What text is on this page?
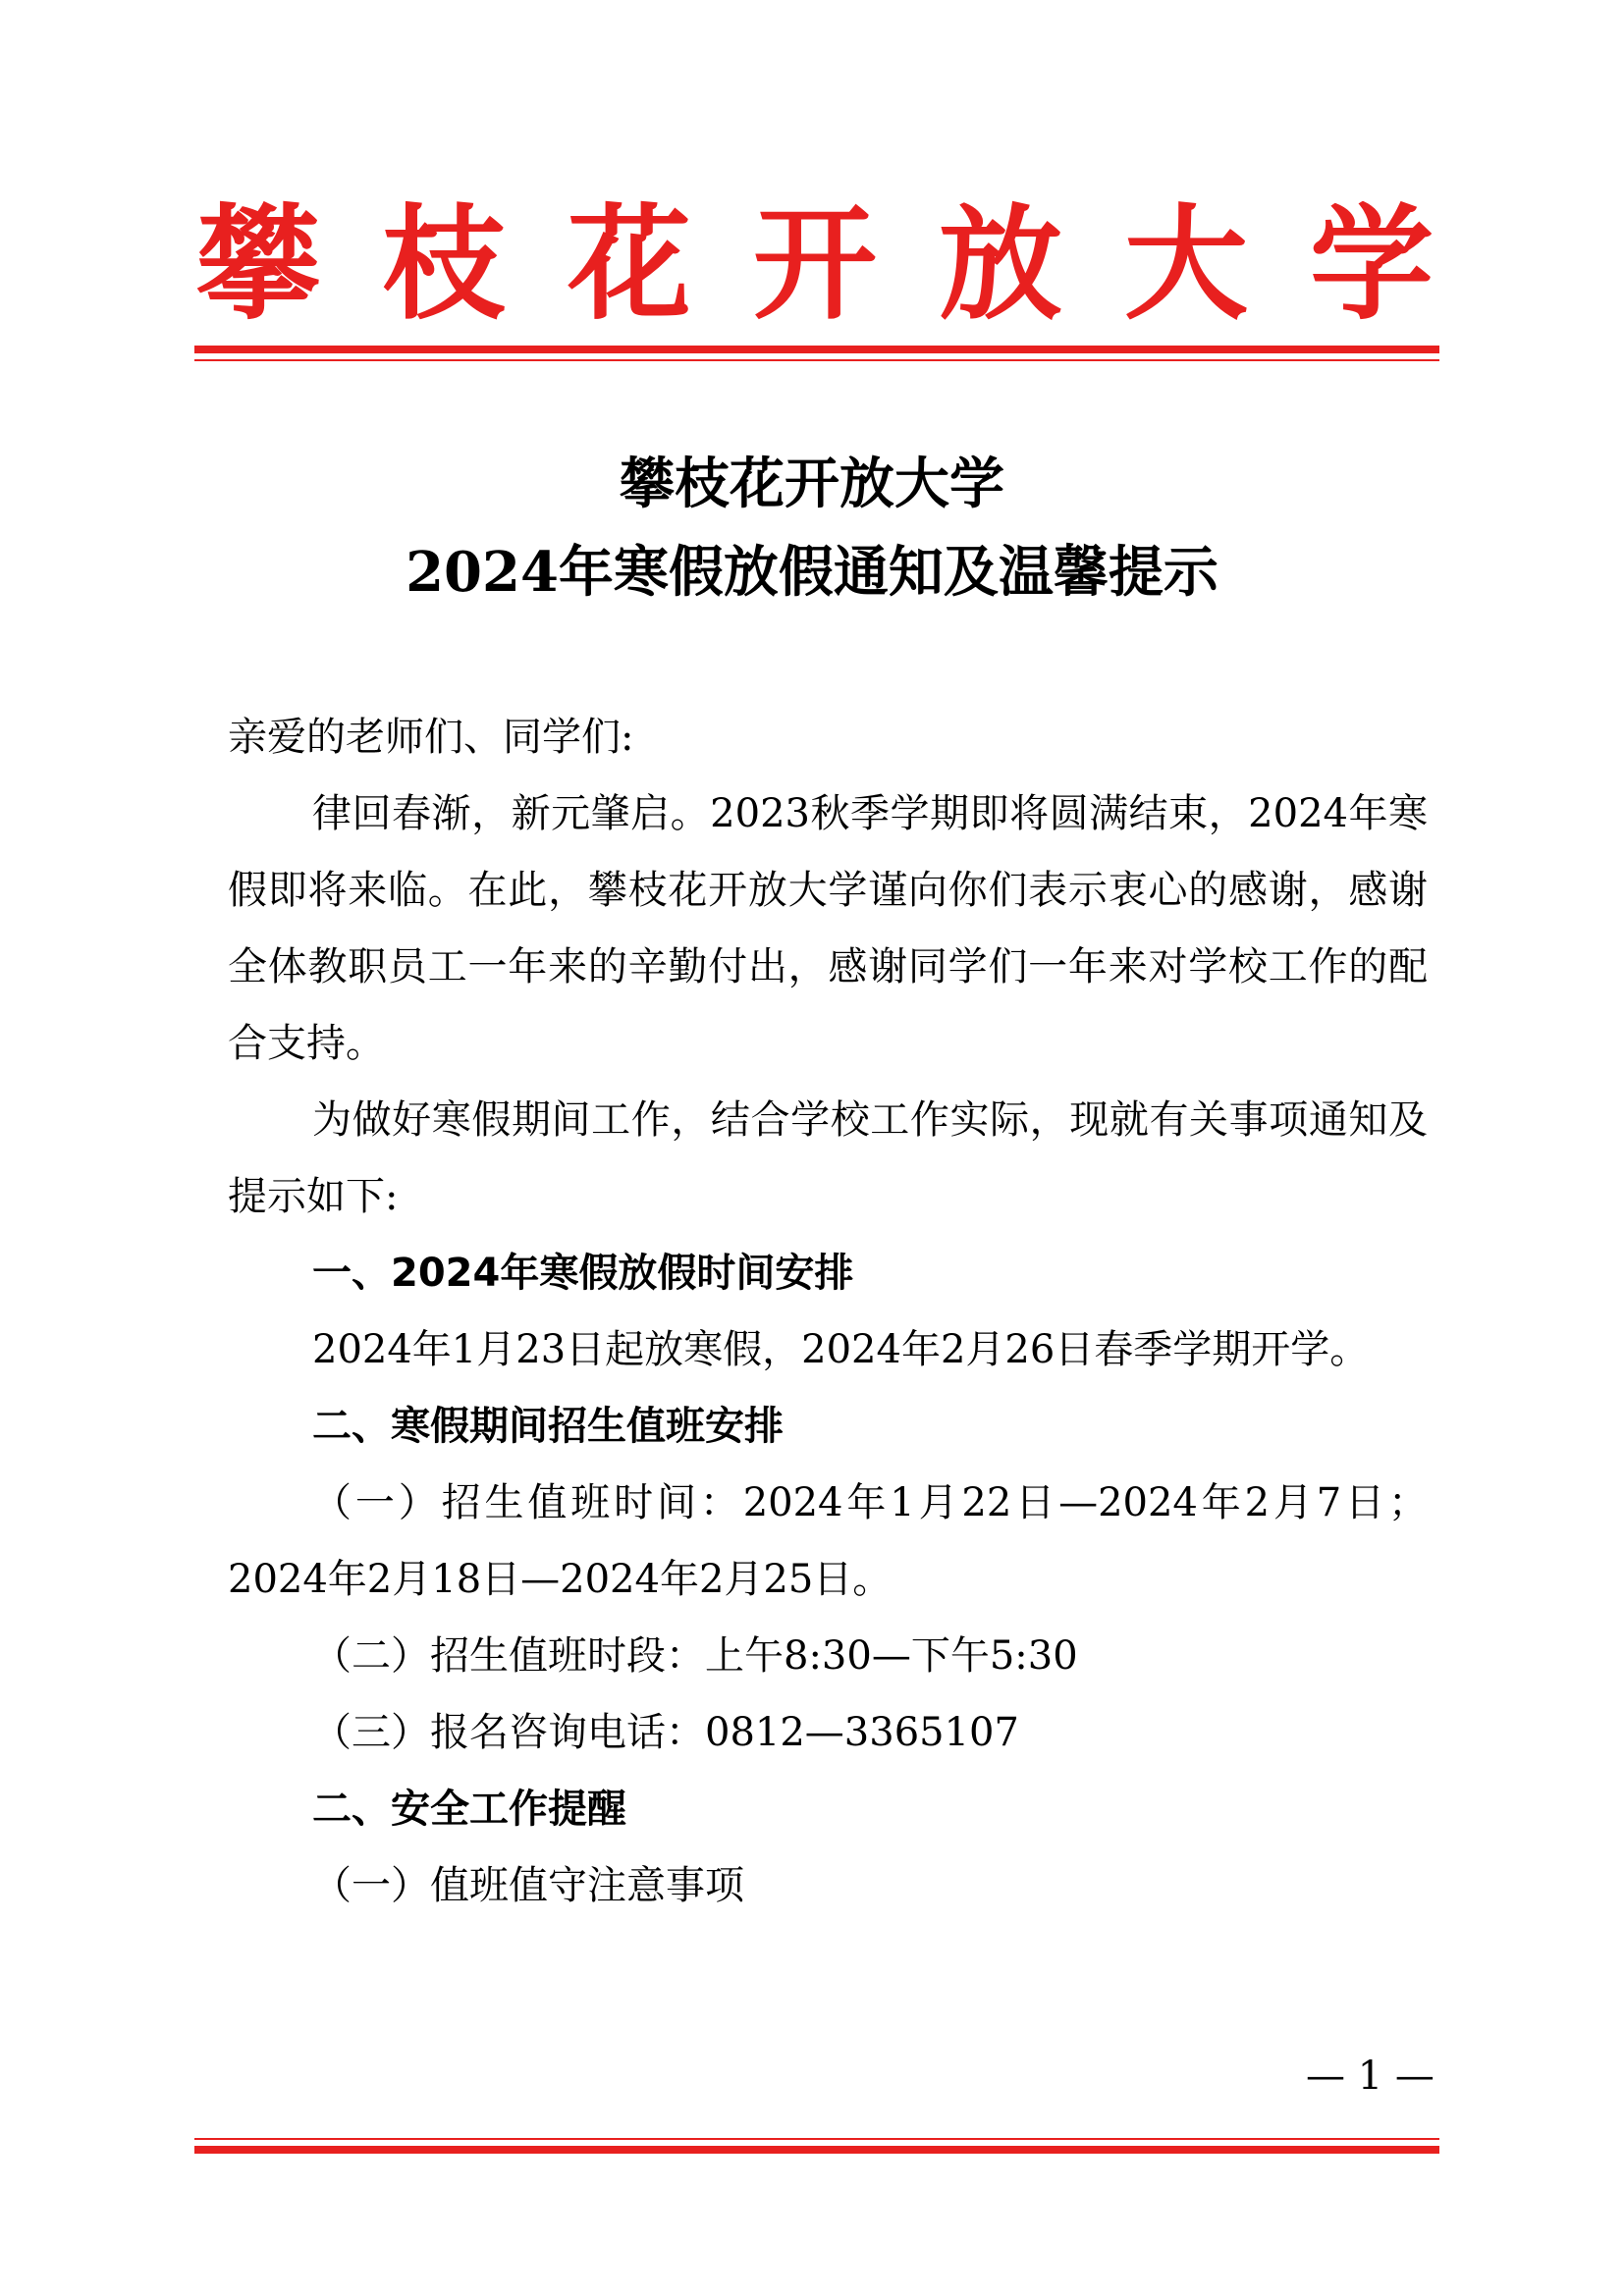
攀 枝 花 开 放 大 学
攀枝花开放大学
2024年寒假放假通知及温馨提示

亲爱的老师们、同学们:

律回春渐，新元肇启。2023秋季学期即将圆满结束，2024年寒假即将来临。在此，攀枝花开放大学谨向你们表示衷心的感谢，感谢全体教职员工一年来的辛勤付出，感谢同学们一年来对学校工作的配合支持。

为做好寒假期间工作，结合学校工作实际，现就有关事项通知及提示如下:

一、2024年寒假放假时间安排

2024年1月23日起放寒假，2024年2月26日春季学期开学。

二、寒假期间招生值班安排

（一）招生值班时间：2024年1月22日—2024年2月7日；2024年2月18日—2024年2月25日。

（二）招生值班时段：上午8:30—下午5:30

（三）报名咨询电话：0812—3365107

二、安全工作提醒

（一）值班值守注意事项

— 1 —
